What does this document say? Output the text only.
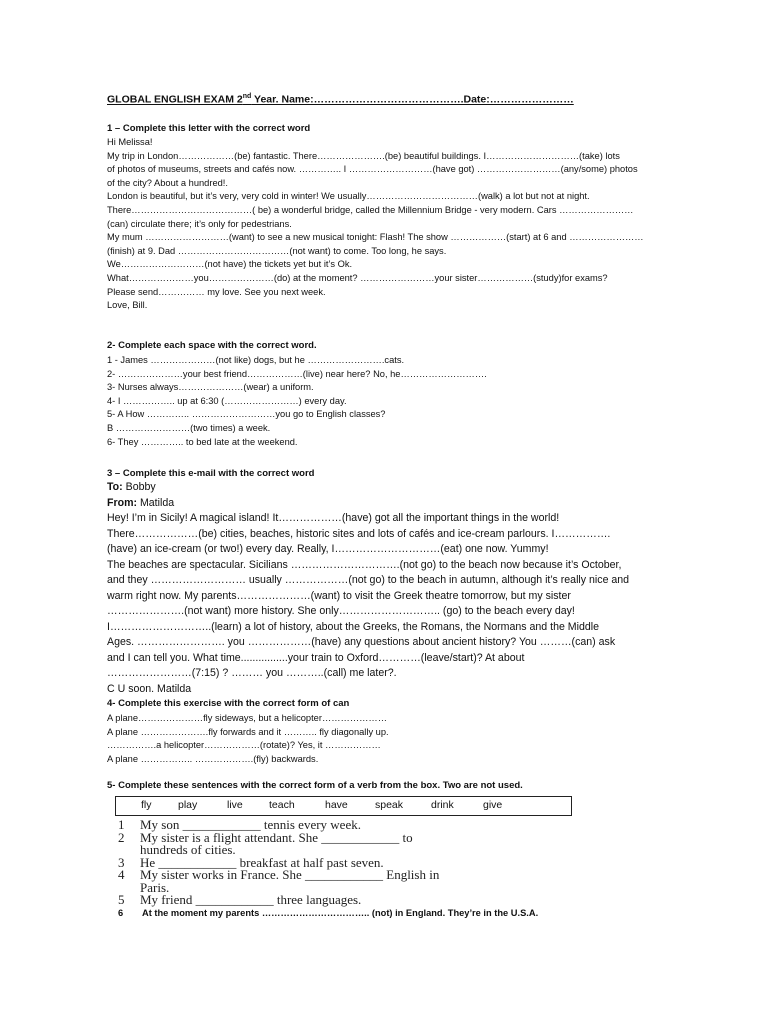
GLOBAL ENGLISH EXAM 2nd Year. Name:…………………………………….Date:……………………
1 – Complete this letter with the correct word
Hi Melissa!
My trip in London………………(be) fantastic. There………………….(be) beautiful buildings. I…………………………(take) lots
of photos of museums, streets and cafés now. ………….. I ………………………(have got) ………………………(any/some) photos
of the city? About a hundred!.
London is beautiful, but it’s very, very cold in winter! We usually………………………………(walk) a lot but not at night.
There…………………………………( be) a wonderful bridge, called the Millennium Bridge - very modern. Cars ……………………
(can) circulate there; it’s only for pedestrians.
My mum ………………………(want) to see a new musical tonight: Flash! The show ………………(start) at 6 and ……………………
(finish) at 9. Dad ………………………………(not want) to come. Too long, he says.
We………………………(not have) the tickets yet but it’s Ok.
What…………………you…………………(do) at the moment? ……………………your sister………………(study)for exams?
Please send…………… my love. See you next week.
Love, Bill.
2- Complete each space with the correct word.
1 - James …………………(not like) dogs, but he …………………….cats.
2- …………………your best friend………………(live) near here? No, he……………………….
3- Nurses always…………………(wear) a uniform.
4- I …………….. up at 6:30 (……………………) every day.
5- A How ………….. ………………………you go to English classes?
B ……………………(two times) a week.
6- They ………….. to bed late at the weekend.
3 – Complete this e-mail with the correct word
To: Bobby
From: Matilda
Hey! I’m in Sicily! A magical island! It………………(have) got all the important things in the world!
There………………(be) cities, beaches, historic sites and lots of cafés and ice-cream parlours. I…………….
(have) an ice-cream (or two!) every day. Really, I…………………………(eat) one now. Yummy!
The beaches are spectacular. Sicilians ………………………….(not go) to the beach now because it’s October,
and they ……………………… usually ………………(not go) to the beach in autumn, although it’s really nice and
warm right now. My parents…………………(want) to visit the Greek theatre tomorrow, but my sister
………………….(not want) more history. She only……………………….. (go) to the beach every day!
I………………………..(learn) a lot of history, about the Greeks, the Romans, the Normans and the Middle
Ages. ……………………. you ………………(have) any questions about ancient history? You ………(can) ask
and I can tell you. What time................your train to Oxford…………(leave/start)? At about
……………………(7:15) ? ……… you ………..(call) me later?.
C U soon. Matilda
4- Complete this exercise with the correct form of can
A plane…………………fly sideways, but a helicopter…………………
A plane ………………….fly forwards and it ……….. fly diagonally up.
…………….a helicopter………………(rotate)? Yes, it ………………
A plane …………….. ……………….(fly) backwards.
5- Complete these sentences with the correct form of a verb from the box. Two are not used.
fly	play	live teach	have	speak	drink	give
1	My son ____________ tennis every week.
2	My sister is a flight attendant. She ____________ to
hundreds of cities.
3	He ____________ breakfast at half past seven.
4	My sister works in France. She ____________ English in
Paris.
5	My friend ____________ three languages.
6 At the moment my parents …………………………….. (not) in England. They’re in the U.S.A.
